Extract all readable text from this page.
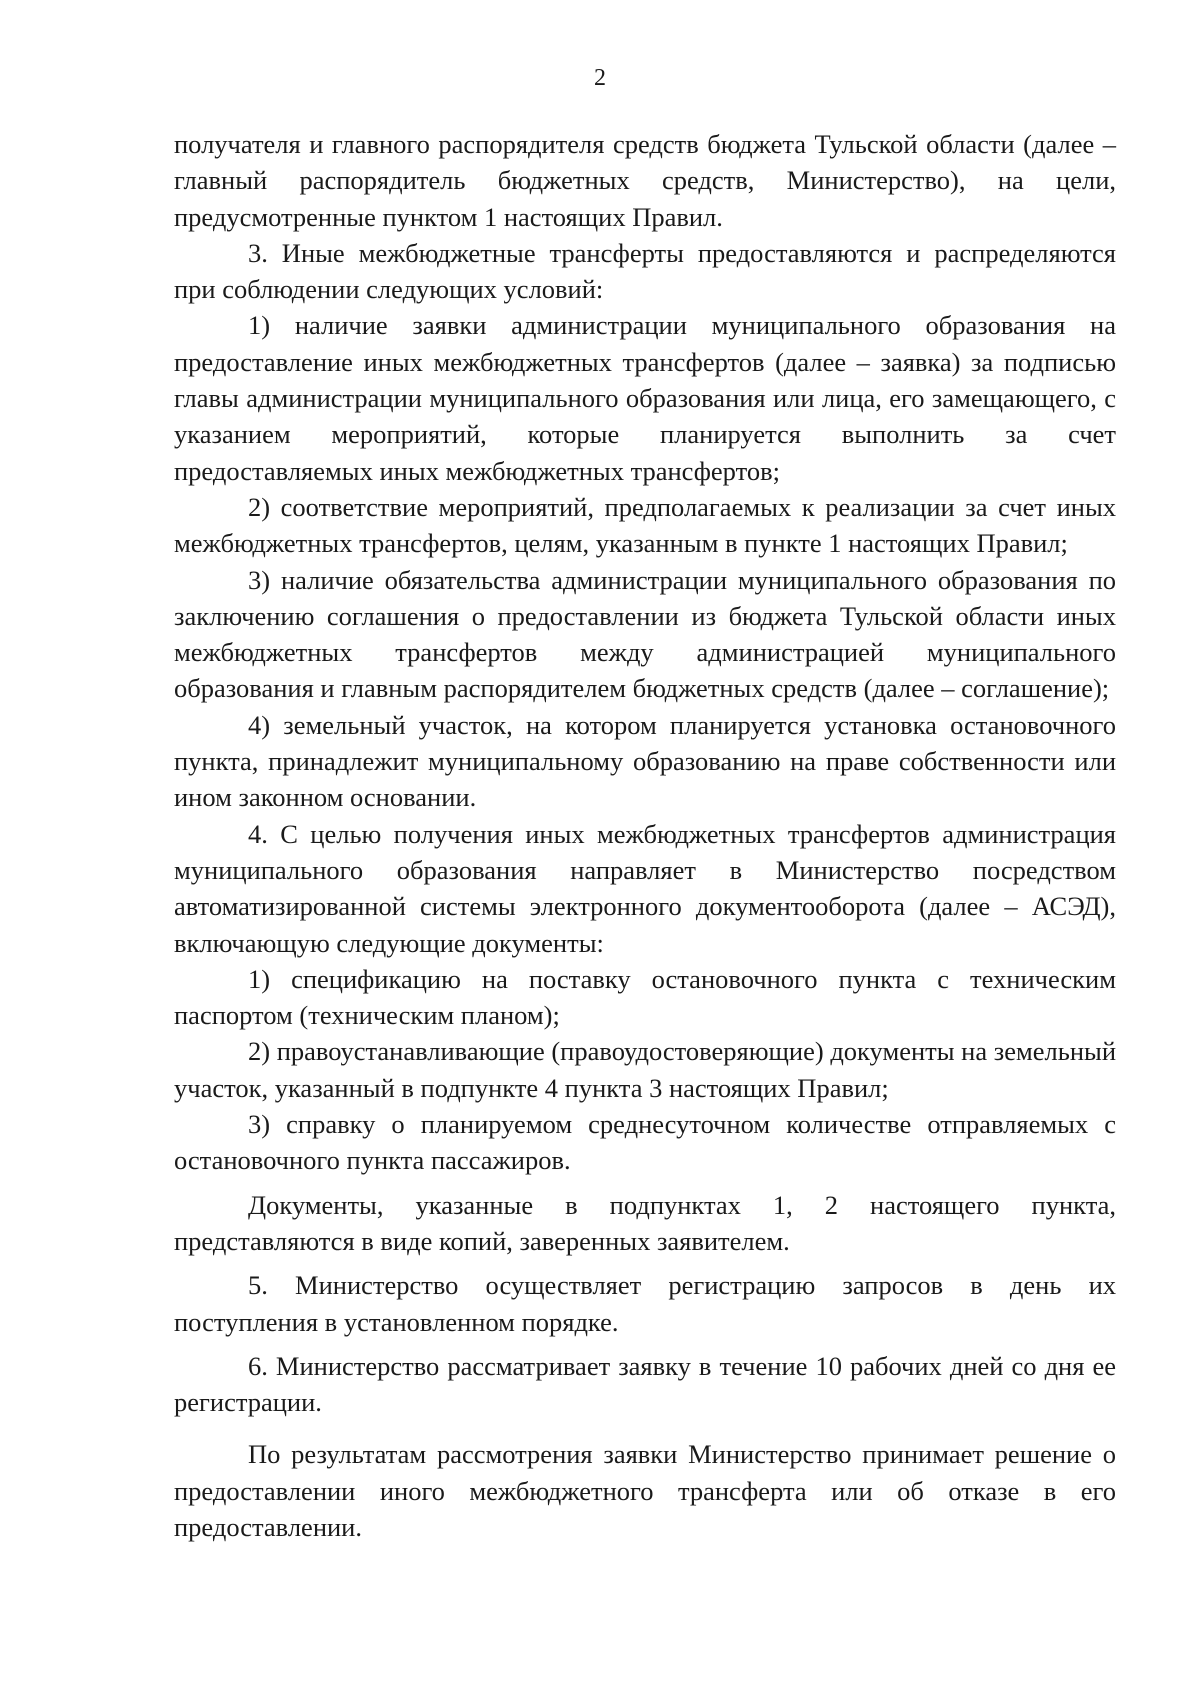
2

получателя и главного распорядителя средств бюджета Тульской области (далее – главный распорядитель бюджетных средств, Министерство), на цели, предусмотренные пунктом 1 настоящих Правил.

3. Иные межбюджетные трансферты предоставляются и распределяются при соблюдении следующих условий:

1) наличие заявки администрации муниципального образования на предоставление иных межбюджетных трансфертов (далее – заявка) за подписью главы администрации муниципального образования или лица, его замещающего, с указанием мероприятий, которые планируется выполнить за счет предоставляемых иных межбюджетных трансфертов;

2) соответствие мероприятий, предполагаемых к реализации за счет иных межбюджетных трансфертов, целям, указанным в пункте 1 настоящих Правил;

3) наличие обязательства администрации муниципального образования по заключению соглашения о предоставлении из бюджета Тульской области иных межбюджетных трансфертов между администрацией муниципального образования и главным распорядителем бюджетных средств (далее – соглашение);

4) земельный участок, на котором планируется установка остановочного пункта, принадлежит муниципальному образованию на праве собственности или ином законном основании.

4. С целью получения иных межбюджетных трансфертов администрация муниципального образования направляет в Министерство посредством автоматизированной системы электронного документооборота (далее – АСЭД), включающую следующие документы:

1) спецификацию на поставку остановочного пункта с техническим паспортом (техническим планом);

2) правоустанавливающие (правоудостоверяющие) документы на земельный участок, указанный в подпункте 4 пункта 3 настоящих Правил;

3) справку о планируемом среднесуточном количестве отправляемых с остановочного пункта пассажиров.

Документы, указанные в подпунктах 1, 2 настоящего пункта, представляются в виде копий, заверенных заявителем.

5. Министерство осуществляет регистрацию запросов в день их поступления в установленном порядке.

6. Министерство рассматривает заявку в течение 10 рабочих дней со дня ее регистрации.

По результатам рассмотрения заявки Министерство принимает решение о предоставлении иного межбюджетного трансферта или об отказе в его предоставлении.
